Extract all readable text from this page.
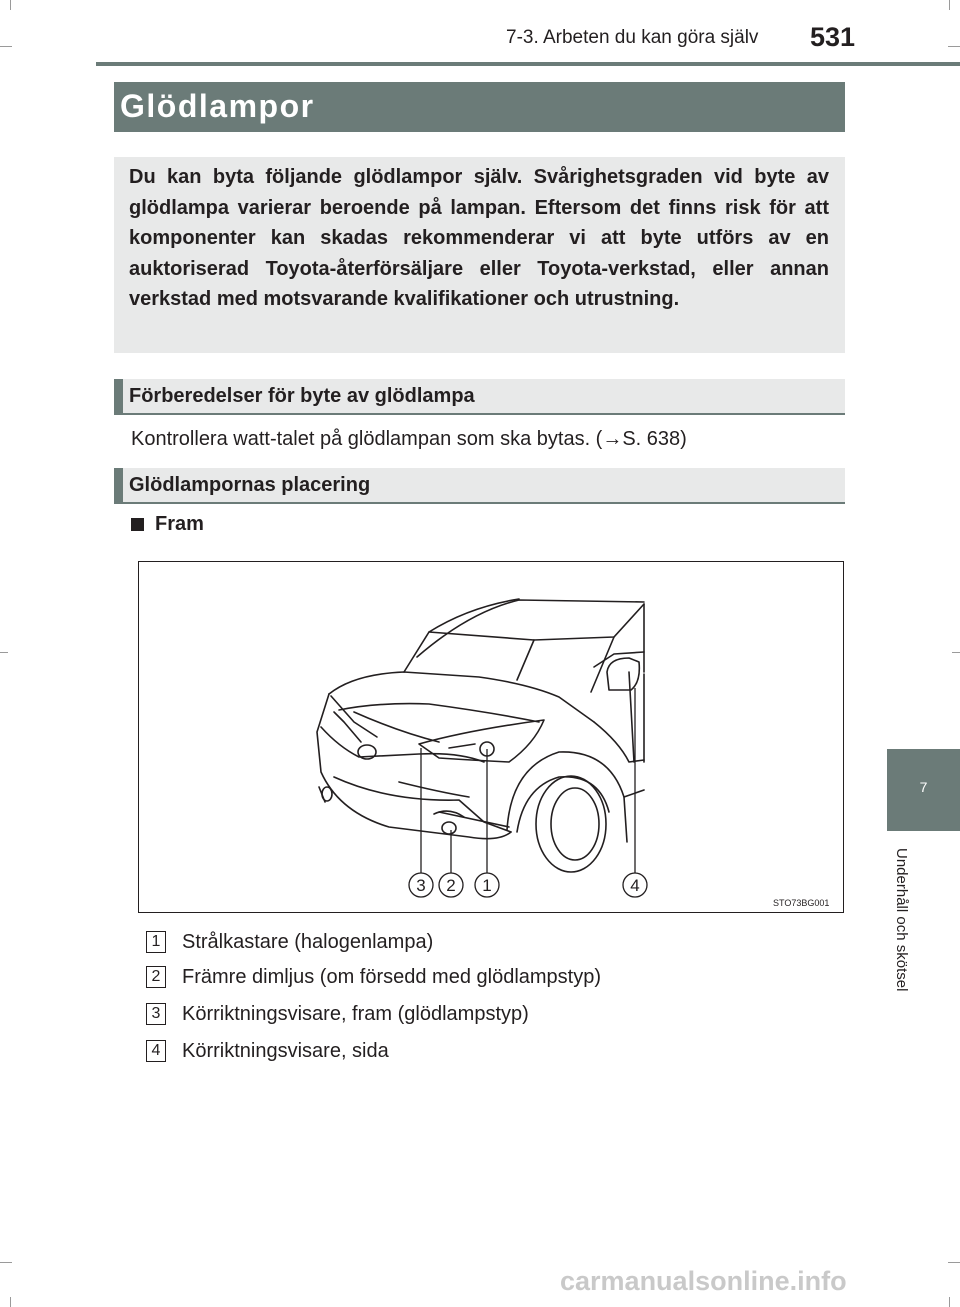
7-3. Arbeten du kan göra själv 531
Glödlampor

Du kan byta följande glödlampor själv. Svårighetsgraden vid byte av glödlampa varierar beroende på lampan. Eftersom det finns risk för att komponenter kan skadas rekommenderar vi att byte utförs av en auktoriserad Toyota-återförsäljare eller Toyota-verkstad, eller annan verkstad med motsvarande kvalifikationer och utrustning.

Förberedelser för byte av glödlampa
Kontrollera watt-talet på glödlampan som ska bytas. (→S. 638)
Glödlampornas placering
Fram
3 2 1	4
STO73BG001
1 Strålkastare (halogenlampa)
2 Främre dimljus (om försedd med glödlampstyp)
3 Körriktningsvisare, fram (glödlampstyp)
4 Körriktningsvisare, sida
7
Underhåll och skötsel
carmanualsonline.info
